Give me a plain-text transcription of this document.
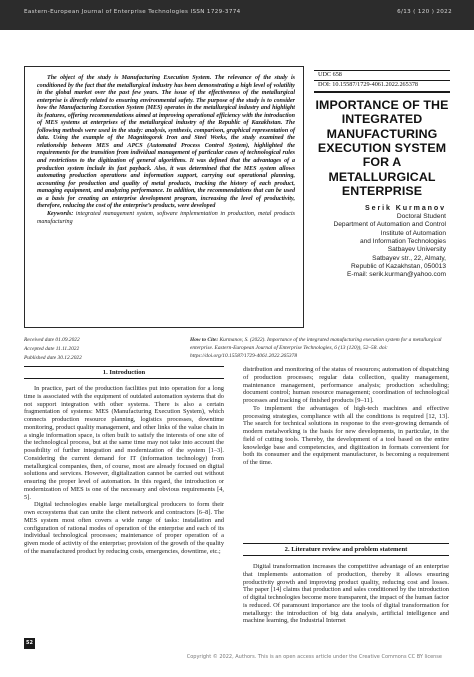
Eastern-European Journal of Enterprise Technologies ISSN 1729-3774	6/13 ( 120 ) 2022

The object of the study is Manufacturing Execution System. The relevance of the study is conditioned by the fact that the metallurgical industry has been demonstrating a high level of volatility in the global market over the past few years. The issue of the effectiveness of the metallurgical enterprise is directly related to ensuring environmental safety. The purpose of the study is to consider how the Manufacturing Execution System (MES) operates in the metallurgical industry and highlight its features, offering recommendations aimed at improving operational efficiency with the introduction of MES systems at enterprises of the metallurgical industry of the Republic of Kazakhstan. The following methods were used in the study: analysis, synthesis, comparison, graphical representation of data. Using the example of the Magnitogorsk Iron and Steel Works, the study examined the relationship between MES and APCS (Automated Process Control System), highlighted the requirements for the transition from individual management of particular cases of technological rules and restrictions to the digitization of general algorithms. It was defined that the advantages of a production system include its fast payback. Also, it was determined that the MES system allows automating production operations and information support, carrying out operational planning, accounting for production and quality of metal products, tracking the history of each product, managing equipment, and analyzing performance. In addition, the recommendations that can be used as a basis for creating an enterprise development program, increasing the level of productivity, therefore, reducing the cost of the enterprise’s products, were developed

Keywords: integrated management system, software implementation in production, metal products manufacturing

UDC 658
DOI: 10.15587/1729-4061.2022.265378
IMPORTANCE OF THE INTEGRATED MANUFACTURING EXECUTION SYSTEM FOR A METALLURGICAL ENTERPRISE
Serik Kurmanov
Doctoral Student
Department of Automation and Control
Institute of Automation
and Information Technologies
Satbayev University
Satbayev str., 22, Almaty,
Republic of Kazakhstan, 050013
E-mail: serik.kurman@yahoo.com
Received date 01.09.2022
Accepted date 11.11.2022
Published date 30.12.2022
How to Cite: Kurmanov, S. (2022). Importance of the integrated manufacturing execution system for a metallurgical enterprise. Eastern-European Journal of Enterprise Technologies, 6 (13 (120)), 52–58. doi: https://doi.org/10.15587/1729-4061.2022.265378
1. Introduction

In practice, part of the production facilities put into operation for a long time is associated with the equipment of outdated automation systems that do not support integration with other systems. There is also a certain fragmentation of systems: MES (Manufacturing Execution System), which connects production resource planning, logistics processes, downtime monitoring, product quality management, and other links of the value chain in a single information space, is often built to satisfy the interests of one site of the technological process, but at the same time may not take into account the possibility of further integration and modernization of the system [1–3]. Considering the current demand for IT (information technology) from metallurgical companies, then, of course, most are already focused on digital solutions and services. However, digitalization cannot be carried out without ensuring the proper level of automation. In this regard, the introduction or modernization of MES is one of the necessary and obvious requirements [4, 5].

Digital technologies enable large metallurgical producers to form their own ecosystems that can unite the client network and contractors [6–8]. The MES system most often covers a wide range of tasks: installation and configuration of rational modes of operation of the enterprise and each of its individual technological processes; maintenance of proper operation of a given mode of activity of the enterprise; provision of the growth of the quality of the manufactured product by reducing costs, emergencies, downtime, etc.;

distribution and monitoring of the status of resources; automation of dispatching of production processes; regular data collection, quality management, maintenance management, performance analysis; production scheduling; document control; human resource management; coordination of technological processes and tracking of finished products [9–11].

To implement the advantages of high-tech machines and effective processing strategies, compliance with all the conditions is required [12, 13]. The search for technical solutions in response to the ever-growing demands of modern metalworking is the basis for new developments, in particular, in the field of cutting tools. Thereby, the development of a tool based on the entire knowledge base and competencies, and digitization in formats convenient for both its consumer and the equipment manufacturer, is becoming a requirement of the time.

2. Literature review and problem statement

Digital transformation increases the competitive advantage of an enterprise that implements automation of production, thereby it allows ensuring productivity growth and improving product quality, reducing cost and losses. The paper [14] claims that production and sales conditioned by the introduction of digital technologies become more transparent, the impact of the human factor is reduced. Of paramount importance are the tools of digital transformation for metallurgy: the introduction of big data analysis, artificial intelligence and machine learning, the Industrial Internet

52
Copyright © 2022, Authors. This is an open access article under the Creative Commons CC BY license
